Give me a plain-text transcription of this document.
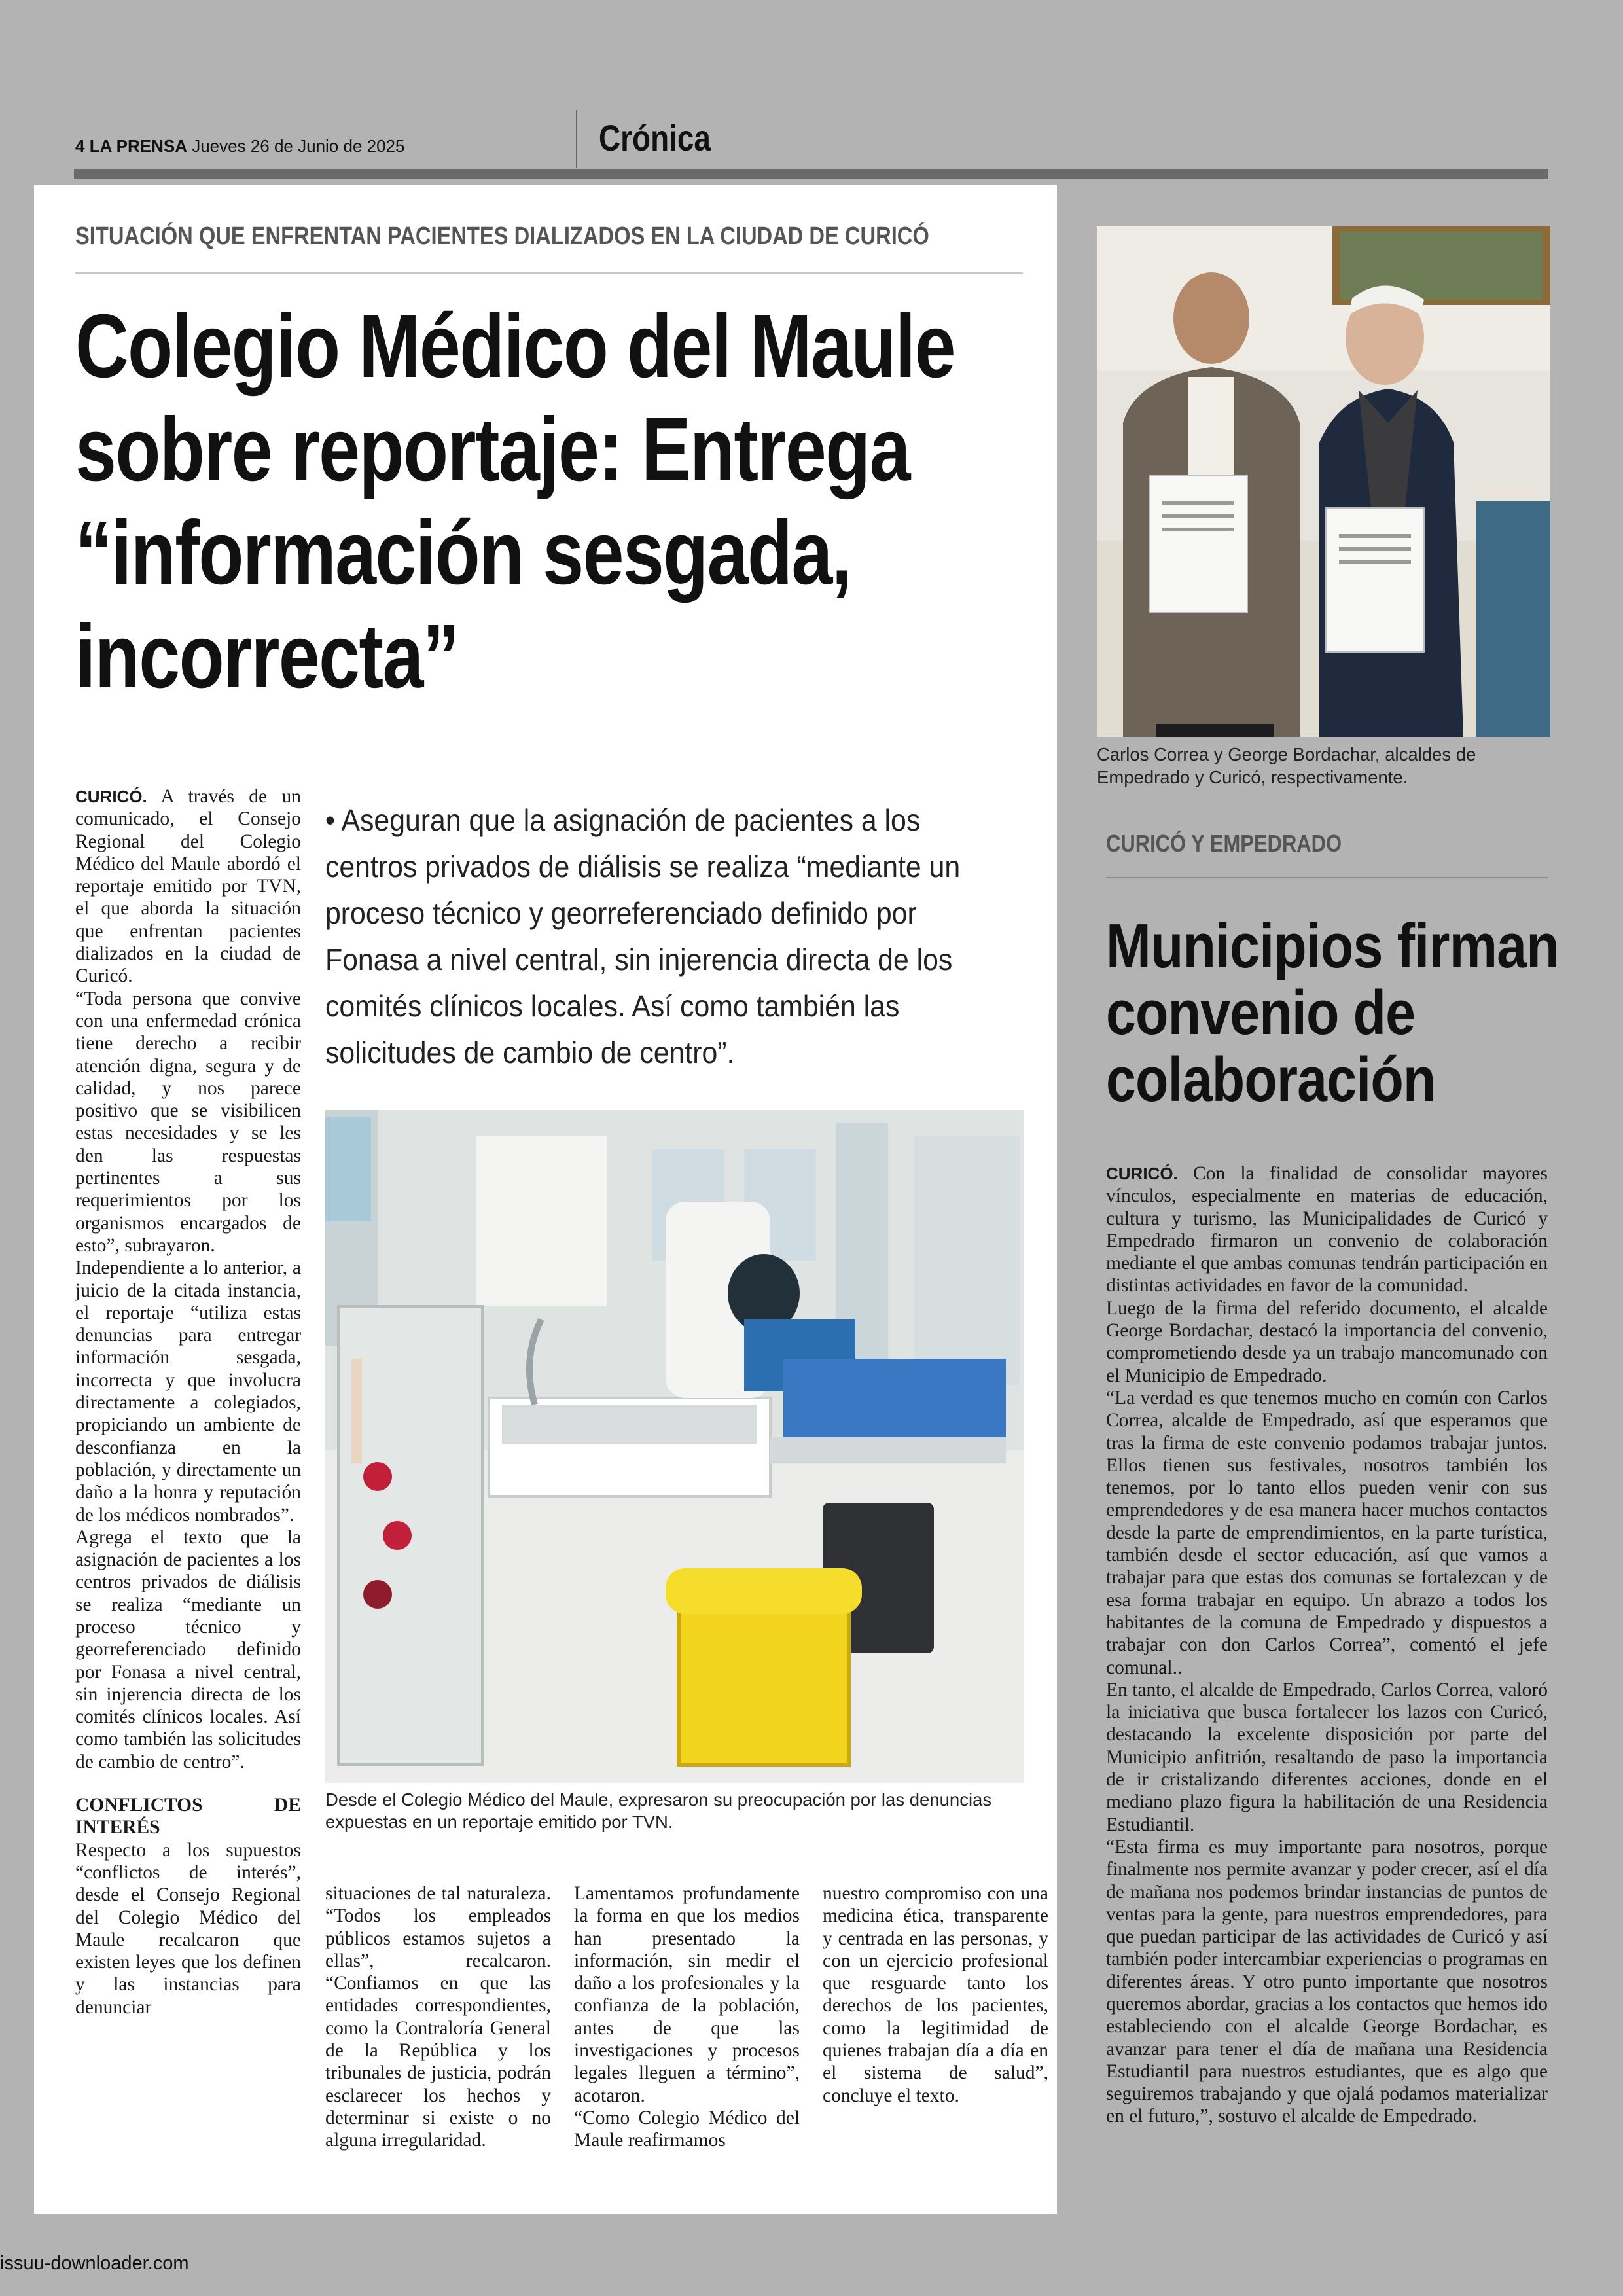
4 LA PRENSA Jueves 26 de Junio de 2025	Crónica
SITUACIÓN QUE ENFRENTAN PACIENTES DIALIZADOS EN LA CIUDAD DE CURICÓ
Colegio Médico del Maule sobre reportaje: Entrega “información sesgada, incorrecta”

CURICÓ. A través de un comunicado, el Consejo Regional del Colegio Médico del Maule abordó el reportaje emitido por TVN, el que aborda la situación que enfrentan pacientes dializados en la ciudad de Curicó.

“Toda persona que convive con una enfermedad crónica tiene derecho a recibir atención digna, segura y de calidad, y nos parece positivo que se visibilicen estas necesidades y se les den las respuestas pertinentes a sus requerimientos por los organismos encargados de esto”, subrayaron.

Independiente a lo anterior, a juicio de la citada instancia, el reportaje “utiliza estas denuncias para entregar información sesgada, incorrecta y que involucra directamente a colegiados, propiciando un ambiente de desconfianza en la población, y directamente un daño a la honra y reputación de los médicos nombrados”.

Agrega el texto que la asignación de pacientes a los centros privados de diálisis se realiza “mediante un proceso técnico y georreferenciado definido por Fonasa a nivel central, sin injerencia directa de los comités clínicos locales. Así como también las solicitudes de cambio de centro”.

CONFLICTOS DE INTERÉS

Respecto a los supuestos “conflictos de interés”, desde el Consejo Regional del Colegio Médico del Maule recalcaron que existen leyes que los definen y las instancias para denunciar

• Aseguran que la asignación de pacientes a los centros privados de diálisis se realiza “mediante un proceso técnico y georreferenciado definido por Fonasa a nivel central, sin injerencia directa de los comités clínicos locales. Así como también las solicitudes de cambio de centro”.
Desde el Colegio Médico del Maule, expresaron su preocupación por las denuncias expuestas en un reportaje emitido por TVN.

situaciones de tal naturaleza. “Todos los empleados públicos estamos sujetos a ellas”, recalcaron. “Confiamos en que las entidades correspondientes, como la Contraloría General de la República y los tribunales de justicia, podrán esclarecer los hechos y determinar si existe o no alguna irregularidad.

Lamentamos profundamente la forma en que los medios han presentado la información, sin medir el daño a los profesionales y la confianza de la población, antes de que las investigaciones y procesos legales lleguen a término”, acotaron.

“Como Colegio Médico del Maule reafirmamos

nuestro compromiso con una medicina ética, transparente y centrada en las personas, y con un ejercicio profesional que resguarde tanto los derechos de los pacientes, como la legitimidad de quienes trabajan día a día en el sistema de salud”, concluye el texto.

Carlos Correa y George Bordachar, alcaldes de Empedrado y Curicó, respectivamente.
CURICÓ Y EMPEDRADO
Municipios firman convenio de colaboración

CURICÓ. Con la finalidad de consolidar mayores vínculos, especialmente en materias de educación, cultura y turismo, las Municipalidades de Curicó y Empedrado firmaron un convenio de colaboración mediante el que ambas comunas tendrán participación en distintas actividades en favor de la comunidad.

Luego de la firma del referido documento, el alcalde George Bordachar, destacó la importancia del convenio, comprometiendo desde ya un trabajo mancomunado con el Municipio de Empedrado.

“La verdad es que tenemos mucho en común con Carlos Correa, alcalde de Empedrado, así que esperamos que tras la firma de este convenio podamos trabajar juntos. Ellos tienen sus festivales, nosotros también los tenemos, por lo tanto ellos pueden venir con sus emprendedores y de esa manera hacer muchos contactos desde la parte de emprendimientos, en la parte turística, también desde el sector educación, así que vamos a trabajar para que estas dos comunas se fortalezcan y de esa forma trabajar en equipo. Un abrazo a todos los habitantes de la comuna de Empedrado y dispuestos a trabajar con don Carlos Correa”, comentó el jefe comunal..

En tanto, el alcalde de Empedrado, Carlos Correa, valoró la iniciativa que busca fortalecer los lazos con Curicó, destacando la excelente disposición por parte del Municipio anfitrión, resaltando de paso la importancia de ir cristalizando diferentes acciones, donde en el mediano plazo figura la habilitación de una Residencia Estudiantil.

“Esta firma es muy importante para nosotros, porque finalmente nos permite avanzar y poder crecer, así el día de mañana nos podemos brindar instancias de puntos de ventas para la gente, para nuestros emprendedores, para que puedan participar de las actividades de Curicó y así también poder intercambiar experiencias o programas en diferentes áreas. Y otro punto importante que nosotros queremos abordar, gracias a los contactos que hemos ido estableciendo con el alcalde George Bordachar, es avanzar para tener el día de mañana una Residencia Estudiantil para nuestros estudiantes, que es algo que seguiremos trabajando y que ojalá podamos materializar en el futuro,”, sostuvo el alcalde de Empedrado.

issuu-downloader.com
